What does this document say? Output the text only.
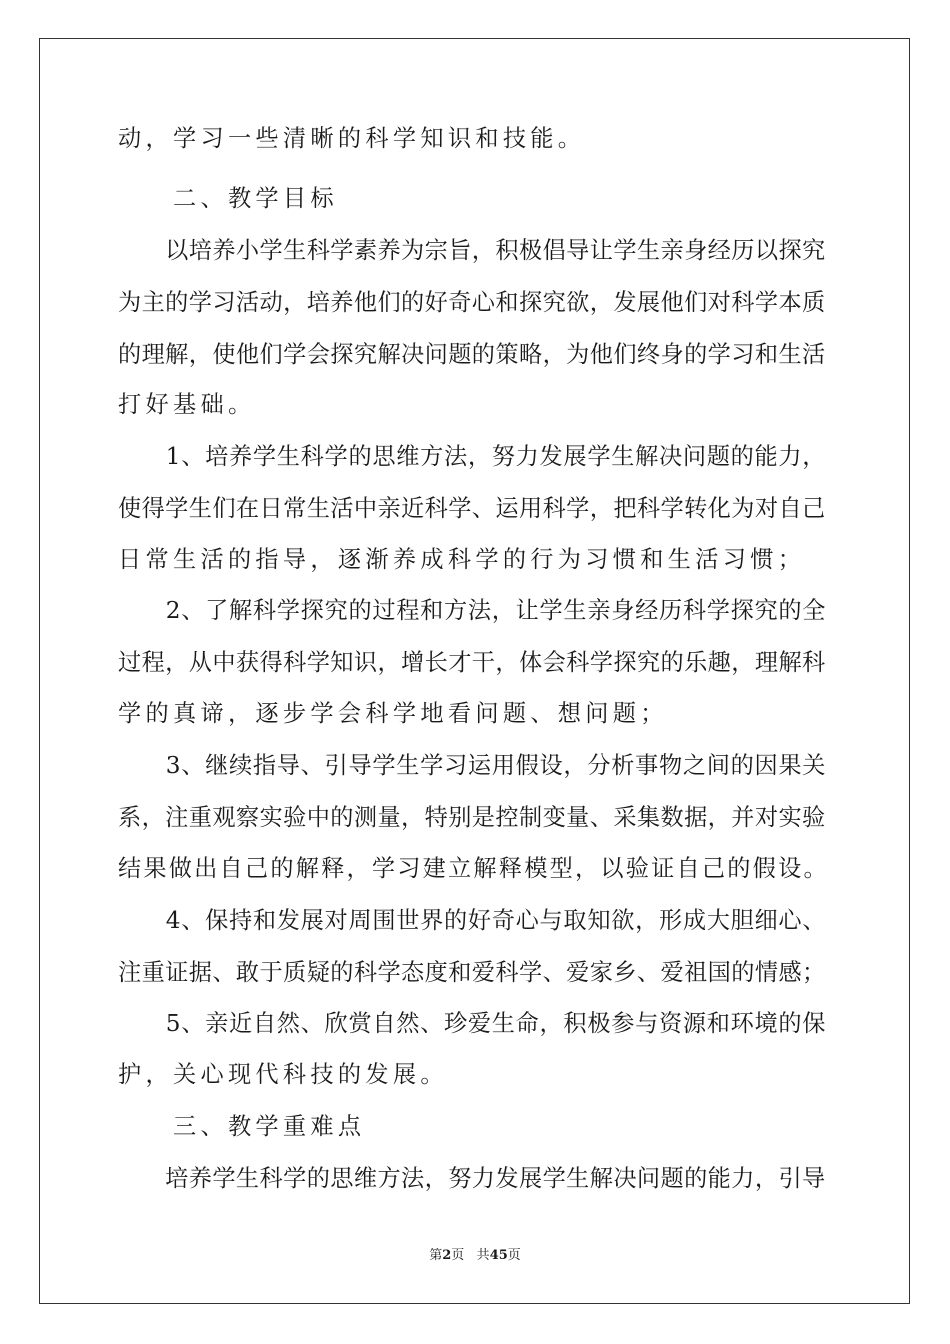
动，学习一些清晰的科学知识和技能。

　　二、教学目标

　　以培养小学生科学素养为宗旨，积极倡导让学生亲身经历以探究

为主的学习活动，培养他们的好奇心和探究欲，发展他们对科学本质

的理解，使他们学会探究解决问题的策略，为他们终身的学习和生活

打好基础。

　　1、培养学生科学的思维方法，努力发展学生解决问题的能力，

使得学生们在日常生活中亲近科学、运用科学，把科学转化为对自己

日常生活的指导，逐渐养成科学的行为习惯和生活习惯；

　　2、了解科学探究的过程和方法，让学生亲身经历科学探究的全

过程，从中获得科学知识，增长才干，体会科学探究的乐趣，理解科

学的真谛，逐步学会科学地看问题、想问题；

　　3、继续指导、引导学生学习运用假设，分析事物之间的因果关

系，注重观察实验中的测量，特别是控制变量、采集数据，并对实验

结果做出自己的解释，学习建立解释模型，以验证自己的假设。

　　4、保持和发展对周围世界的好奇心与取知欲，形成大胆细心、

注重证据、敢于质疑的科学态度和爱科学、爱家乡、爱祖国的情感；

　　5、亲近自然、欣赏自然、珍爱生命，积极参与资源和环境的保

护，关心现代科技的发展。

　　三、教学重难点

　　培养学生科学的思维方法，努力发展学生解决问题的能力，引导

第2页 共45页
